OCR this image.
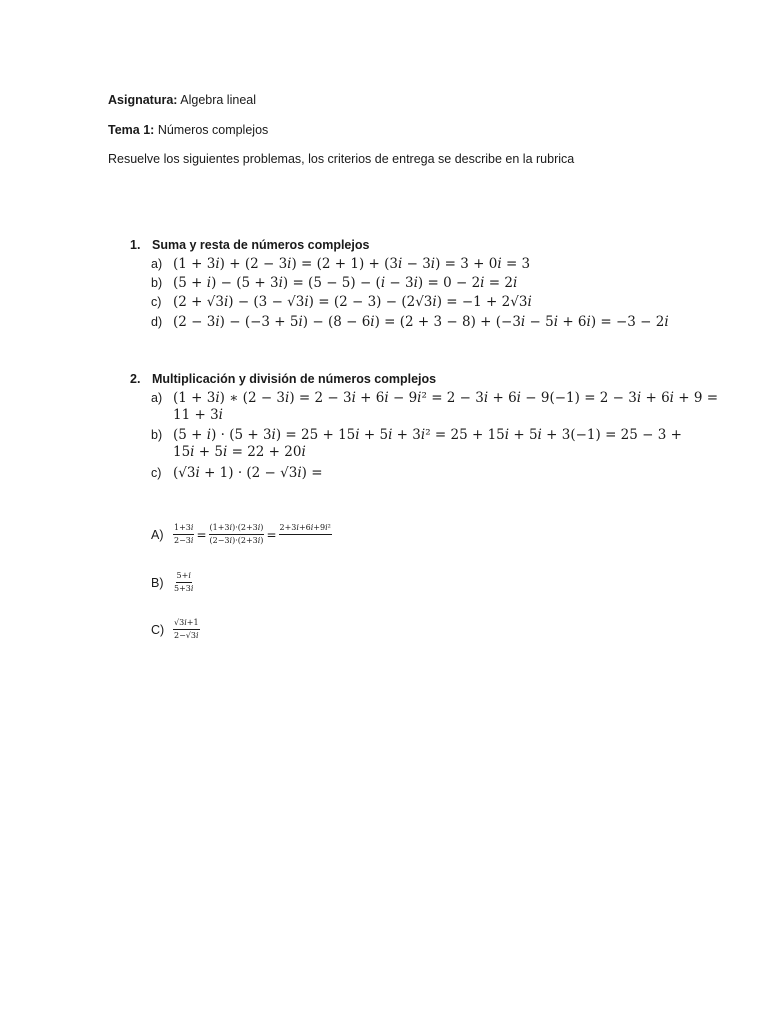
Asignatura: Algebra lineal
Tema 1: Números complejos
Resuelve los siguientes problemas, los criterios de entrega se describe en la rubrica
1. Suma y resta de números complejos
a) (1 + 3𝑖) + (2 − 3𝑖) = (2 + 1) + (3𝑖 − 3𝑖) = 3 + 0𝑖 = 3
b) (5 + 𝑖) − (5 + 3𝑖) = (5 − 5) − (𝑖 − 3𝑖) = 0 − 2𝑖 = 2𝑖
c) (2 + √3𝑖) − (3 − √3𝑖) = (2 − 3) − (2√3𝑖) = −1 + 2√3𝑖
d) (2 − 3𝑖) − (−3 + 5𝑖) − (8 − 6𝑖) = (2 + 3 − 8) + (−3𝑖 − 5𝑖 + 6𝑖) = −3 − 2𝑖
2. Multiplicación y división de números complejos
a) (1 + 3𝑖) ∗ (2 − 3𝑖) = 2 − 3𝑖 + 6𝑖 − 9𝑖² = 2 − 3𝑖 + 6𝑖 − 9(−1) = 2 − 3𝑖 + 6𝑖 + 9 =
11 + 3𝑖
b) (5 + 𝑖) · (5 + 3𝑖) = 25 + 15𝑖 + 5𝑖 + 3𝑖² = 25 + 15𝑖 + 5𝑖 + 3(−1) = 25 − 3 +
15𝑖 + 5𝑖 = 22 + 20𝑖
c) (√3𝑖 + 1) · (2 − √3𝑖) =
A)	$\frac{\text{1+3𝑖}}{\text{2−3𝑖}} = \frac{\text{(1+3𝑖)·(2+3𝑖)}}{\text{(2−3𝑖)·(2+3𝑖)}}$ = 2+3𝑖+6𝑖+9𝑖²
B)	$\frac{\text{5+𝑖}}{\text{5+3𝑖}}$
C)	$\frac{\text{√3𝑖+1}}{\text{2−√3𝑖}}$
